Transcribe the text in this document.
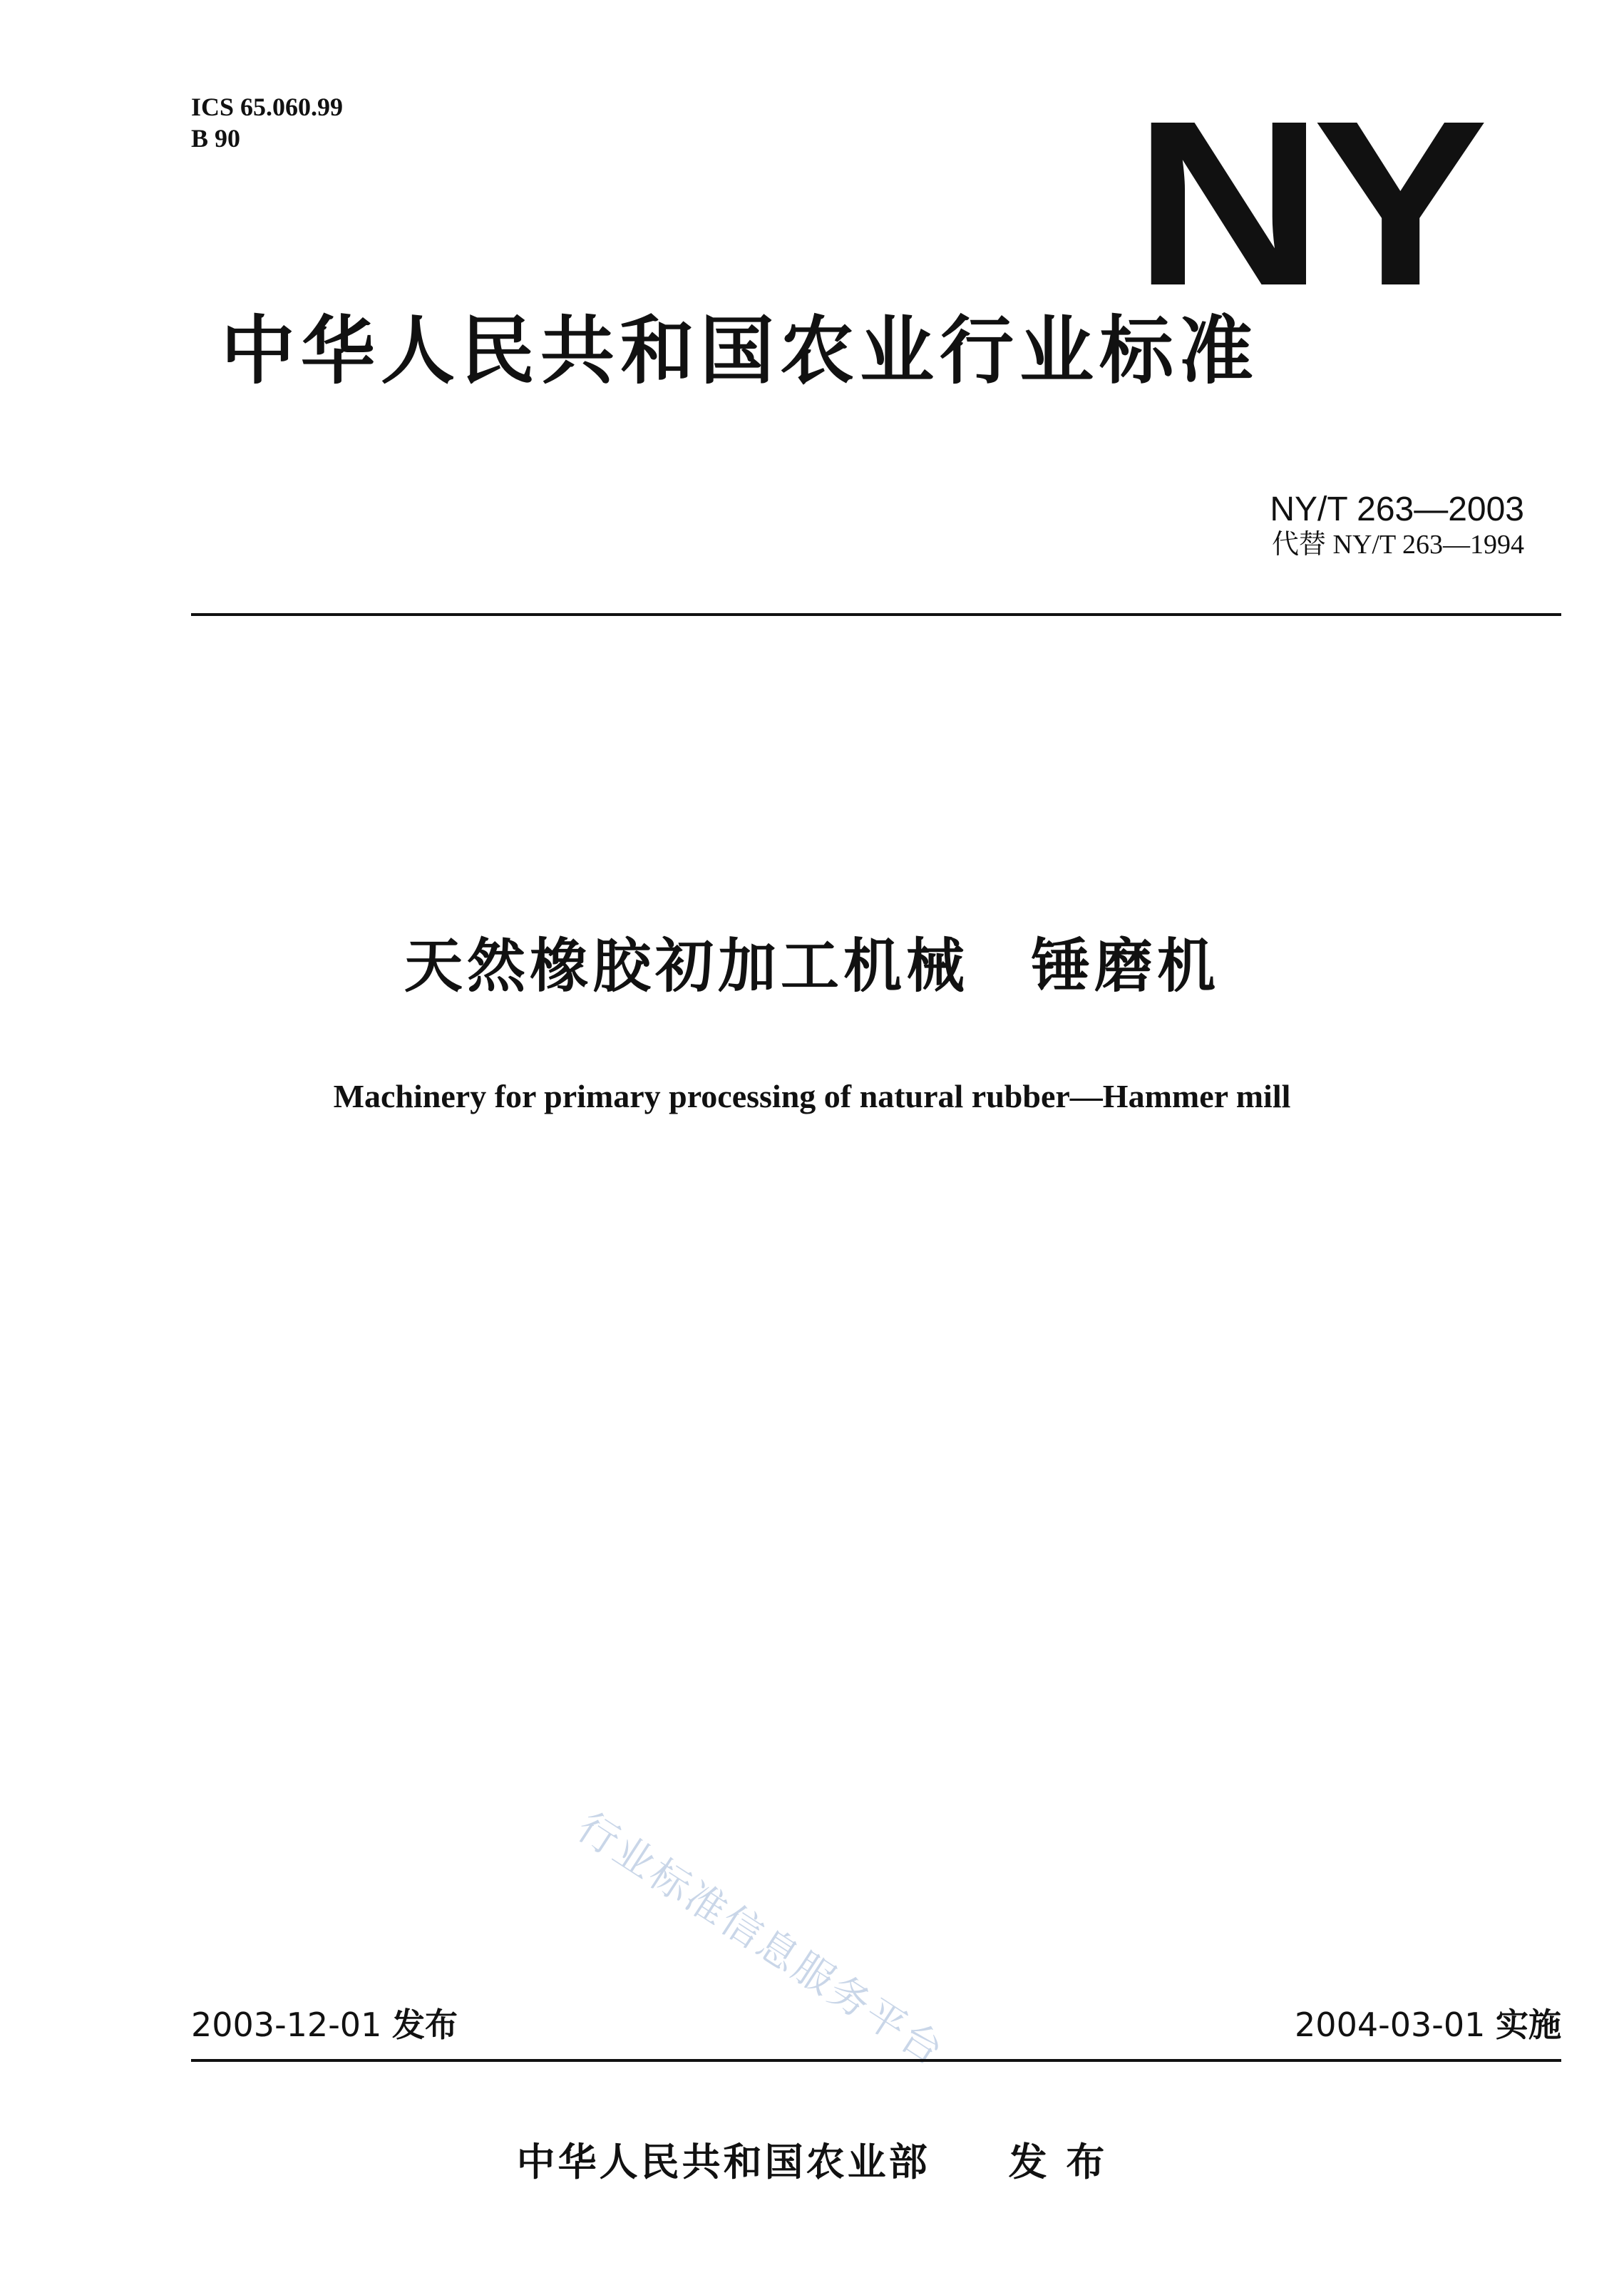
ICS 65.060.99
B 90	NY
中华人民共和国农业行业标准
NY/T 263—2003
代替 NY/T 263—1994
天然橡胶初加工机械　锤磨机
Machinery for primary processing of natural rubber—Hammer mill
行业标准信息服务平台
2003-12-01 发布	2004-03-01 实施
中华人民共和国农业部 发 布
